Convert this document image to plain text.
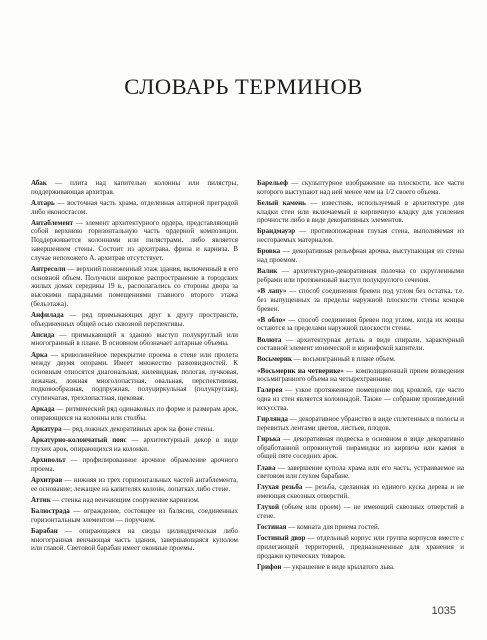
СЛОВАРЬ ТЕРМИНОВ

Абак — плита над капителью колонны или пилястры, поддерживающая архитрав.

Алтарь — восточная часть храма, отделенная алтарной преградой либо иконостасом.

Антаблемент — элемент архитектурного ордера, представляющий собой верхнюю горизонтальную часть ордерной композиции. Поддерживается колоннами или пилястрами, либо является завершением стены. Состоит из архитрава, фриза и карниза. В случае непохожего А. архитрав отсутствует.

Антресоли — верхний пониженный этаж здания, включенный в его основной объем. Получили широкое распространение в городских жилых домах середины 19 в., располагались со стороны двора за высокими парадными помещениями главного второго этажа (бельэтажа).

Анфилада — ряд примыкающих друг к другу пространств, объединенных общей осью сквозной перспективы.

Апсида — примыкающий к зданию выступ полукруглый или многогранный в плане. В основном обозначает алтарные объемы.

Арка — криволинейное перекрытие проема в стене или пролета между двумя опорами. Имеет множество разновидностей. К основным относятся диагональная, килевидная, пологая, лучковая, лежачая, ложная многолопастная, овальная, перспективная, подковообразная, подпружная, полуциркульная (полукруглая), ступенчатая, трехлопастная, щековая.

Аркада — ритмический ряд одинаковых по форме и размерам арок, опирающихся на колонны или столбы.

Аркатура — ряд ложных декоративных арок на фоне стены.

Аркатурно-колончатый пояс — архитектурный декор в виде глухих арок, опирающихся на колонки.

Архивольт — профилированное арочное обрамление арочного проема.

Архитрав — нижняя из трех горизонтальных частей антаблемента, ее основание; лежащее на капителях колонн, лопатках либо стене.

Аттик — стенка над венчающим сооружение карнизом.

Балюстрада — ограждение, состоящее из балясин, соединенных горизонтальным элементом — поручнем.

Барабан — опирающаяся на своды цилиндрическая либо многогранная венчающая часть здания, завершающаяся куполом или главой. Световой барабан имеет оконные проемы.

Барельеф — скульптурное изображение на плоскости, все части которого выступают над ней менее чем на 1/2 своего объема.

Белый камень — известняк, используемый в архитектуре для кладки стен или включаемый в кирпичную кладку для усиления прочности либо в виде декоративных элементов.

Брандмауэр — противопожарная глухая стена, выполняемая из несгораемых материалов.

Бровка — декоративная рельефная арочка, выступающая из стены над проемом.

Валик — архитектурно-декоративная полочка со скругленными ребрами или протяженный выступ полукруглого сечения.

«В лапу» — способ соединения бревен под углом без остатка, т.е. без выпущенных за пределы наружной плоскости стены концов бревен.

«В обло» — способ соединения бревен под углом, когда их концы остаются за пределами наружной плоскости стены.

Волюта — архитектурная деталь в виде спирали, характерный составной элемент ионической и коринфской капители.

Восьмерик — восьмигранный в плане объем.

«Восьмерик на четверике» — композиционный прием возведения восьмигранного объема на четырехграннике.

Галерея — узкое протяженное помещение под кровлей, где часто одна из стен является колоннадой. Также — собрание произведений искусства.

Гирлянда — декоративное убранство в виде сплетенных в полосы и перевитых лентами цветов, листьев, плодов.

Гирька — декоративная подвеска в основном в виде декоративно обработанной опрокинутой пирамидки из кирпича или камня в общей пяте соседних арок.

Глава — завершение купола храма или его часть, устраиваемое на световом или глухом барабане.

Глухая резьба — резьба, сделанная из единого куска дерева и не имеющая сквозных отверстий.

Глухой (объем или проем) — не имеющий сквозных отверстий в стене.

Гостиная — комната для приема гостей.

Гостиный двор — отдельный корпус или группа корпусов вместе с прилегающей территорией, предназначенные для хранения и продажи купеческих товаров.

Грифон — украшение в виде крылатого льва.

1035
